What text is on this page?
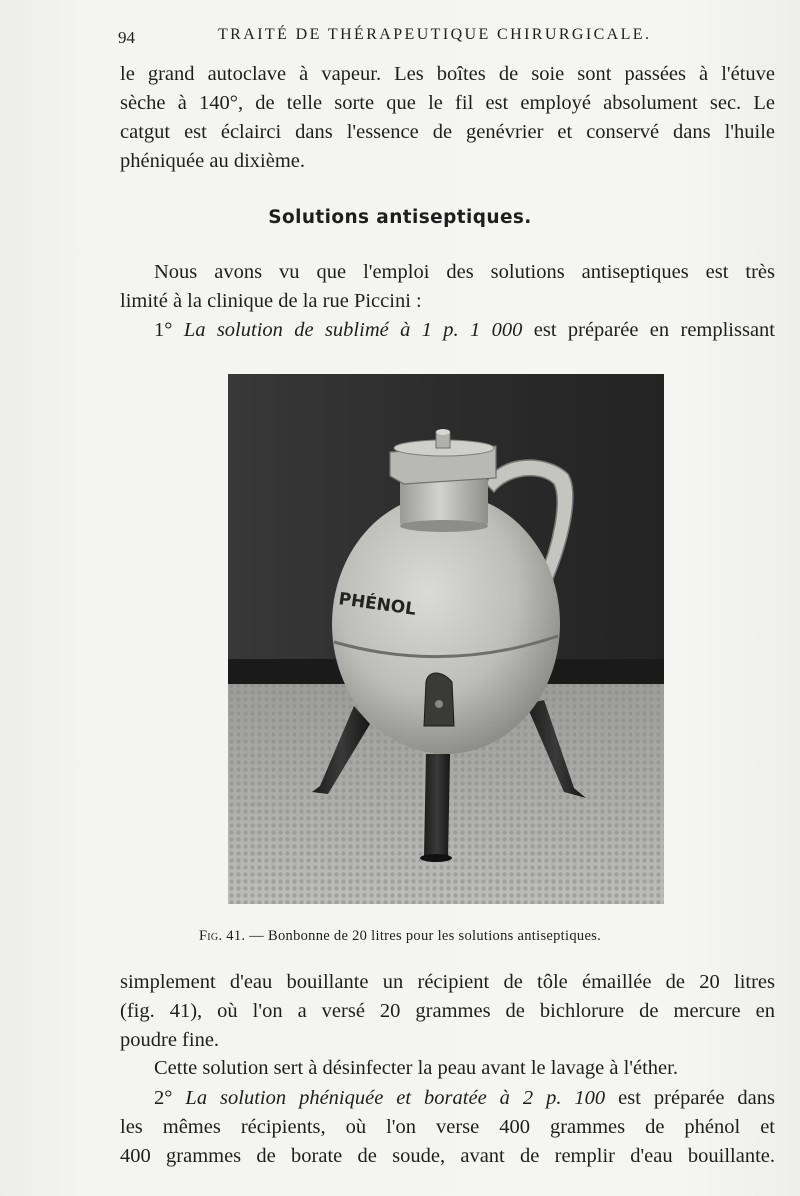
94	TRAITÉ DE THÉRAPEUTIQUE CHIRURGICALE.
le grand autoclave à vapeur. Les boîtes de soie sont passées à l'étuve
sèche à 140°, de telle sorte que le fil est employé absolument sec. Le
catgut est éclairci dans l'essence de genévrier et conservé dans l'huile
phéniquée au dixième.
Solutions antiseptiques.
Nous avons vu que l'emploi des solutions antiseptiques est très
limité à la clinique de la rue Piccini :
1° La solution de sublimé à 1 p. 1 000 est préparée en remplissant
PHÉNOL
Fig. 41. — Bonbonne de 20 litres pour les solutions antiseptiques.
simplement d'eau bouillante un récipient de tôle émaillée de 20 litres
(fig. 41), où l'on a versé 20 grammes de bichlorure de mercure en
poudre fine.
Cette solution sert à désinfecter la peau avant le lavage à l'éther.
2° La solution phéniquée et boratée à 2 p. 100 est préparée dans
les mêmes récipients, où l'on verse 400 grammes de phénol et
400 grammes de borate de soude, avant de remplir d'eau bouillante.
